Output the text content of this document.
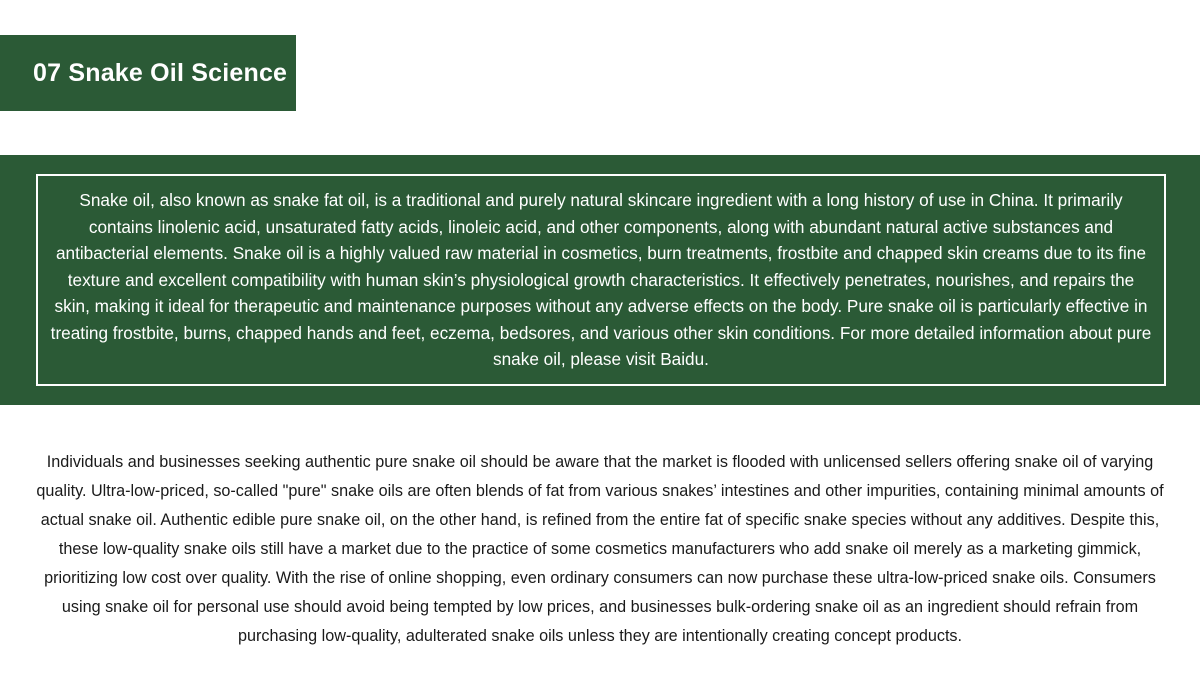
07 Snake Oil Science

Snake oil, also known as snake fat oil, is a traditional and purely natural skincare ingredient with a long history of use in China. It primarily contains linolenic acid, unsaturated fatty acids, linoleic acid, and other components, along with abundant natural active substances and antibacterial elements. Snake oil is a highly valued raw material in cosmetics, burn treatments, frostbite and chapped skin creams due to its fine texture and excellent compatibility with human skin’s physiological growth characteristics. It effectively penetrates, nourishes, and repairs the skin, making it ideal for therapeutic and maintenance purposes without any adverse effects on the body. Pure snake oil is particularly effective in treating frostbite, burns, chapped hands and feet, eczema, bedsores, and various other skin conditions. For more detailed information about pure snake oil, please visit Baidu.

Individuals and businesses seeking authentic pure snake oil should be aware that the market is flooded with unlicensed sellers offering snake oil of varying quality. Ultra-low-priced, so-called "pure" snake oils are often blends of fat from various snakes’ intestines and other impurities, containing minimal amounts of actual snake oil. Authentic edible pure snake oil, on the other hand, is refined from the entire fat of specific snake species without any additives. Despite this, these low-quality snake oils still have a market due to the practice of some cosmetics manufacturers who add snake oil merely as a marketing gimmick, prioritizing low cost over quality. With the rise of online shopping, even ordinary consumers can now purchase these ultra-low-priced snake oils. Consumers using snake oil for personal use should avoid being tempted by low prices, and businesses bulk-ordering snake oil as an ingredient should refrain from purchasing low-quality, adulterated snake oils unless they are intentionally creating concept products.
